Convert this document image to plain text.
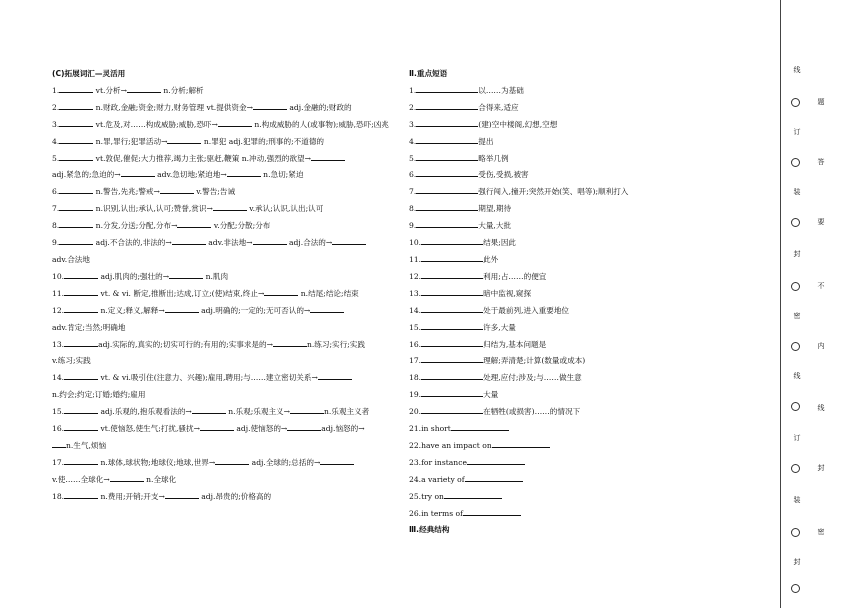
(C)拓展词汇—灵活用
1.	vt.分析→	n.分析;解析
2.	n.财政,金融;资金;财力,财务管理 vt.提供资金→	adj.金融的;财政的
3.	vt.危及,对……构成威胁;威胁,恐吓→	n.构成威胁的人(或事物);威胁,恐吓;凶兆
4.	n.罪,罪行;犯罪活动→	n.罪犯 adj.犯罪的;刑事的;不道德的
5.	vt.敦促,催促;大力推荐,竭力主张;驱赶,鞭策 n.冲动,强烈的欲望→
adj.紧急的;急迫的→	adv.急切地;紧迫地→	n.急切;紧迫
6.	n.警告,先兆;警戒→	v.警告;告诫
7.	n.识别,认出;承认,认可;赞誉,赏识→	v.承认;认识,认出;认可
8.	n.分发,分送;分配,分布→	v.分配;分散;分布
9.	adj.不合法的,非法的→	adv.非法地→	adj.合法的→
adv.合法地
10.	adj.肌肉的;强壮的→	n.肌肉
11.	vt. & vi. 断定,推断出;达成,订立;(使)结束,终止→	n.结尾;结论;结束
12.	n.定义;释义,解释→	adj.明确的;一定的;无可否认的→
adv.肯定;当然;明确地
13.	adj.实际的,真实的;切实可行的;有用的;实事求是的→	n.练习;实行;实践
v.练习;实践
14.	vt. & vi.吸引住(注意力、兴趣);雇用,聘用;与……建立密切关系→
n.约会;约定;订婚;婚约;雇用
15.	adj.乐观的,抱乐观看法的→	n.乐观;乐观主义→	n.乐观主义者
16.	vt.使恼怒,使生气;打扰,骚扰→	adj.使恼怒的→	adj.恼怒的→
n.生气,烦恼
17.	n.球体,球状物;地球仪;地球,世界→	adj.全球的;总括的→
v.使……全球化→	n.全球化
18.	n.费用;开销;开支→	adj.昂贵的;价格高的
Ⅱ.重点短语
1.	以……为基础
2.	合得来,适应
3.	(建)空中楼阁,幻想,空想
4.	提出
5.	略举几例
6.	受伤,受损,被害
7.	强行闯入,撞开;突然开始(笑、唱等);顺利打入
8.	期望,期待
9.	大量,大批
10.	结果;因此
11.	此外
12.	利用;占……的便宜
13.	暗中监视,窥探
14.	处于最前列,进入重要地位
15.	许多,大量
16.	归结为,基本问题是
17.	理解;弄清楚;计算(数量或成本)
18.	处理,应付;涉及;与……做生意
19.	大量
20.	在牺牲(或损害)……的情况下
21.in short
22.have an impact on
23.for instance
24.a variety of
25.try on
26.in terms of
Ⅲ.经典结构
线
订
装
封
密
线
订
装
封
题
答
要
不
内
线
封
密
